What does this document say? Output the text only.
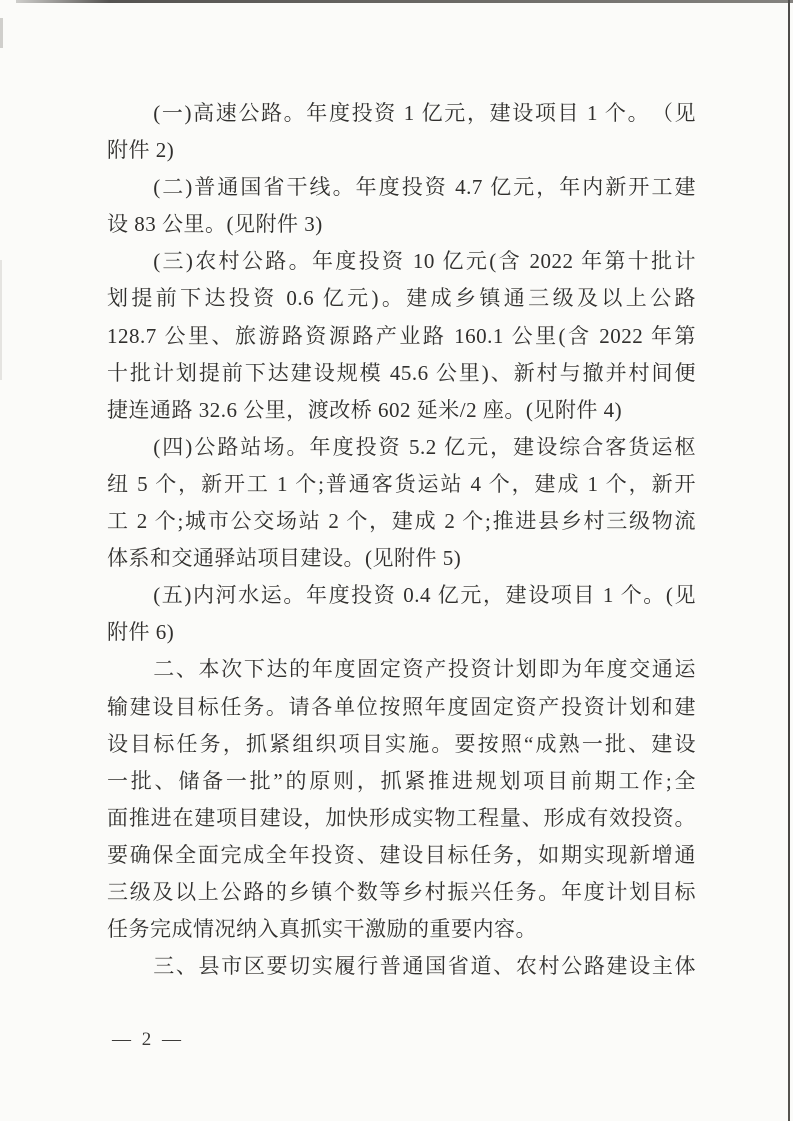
(一)高速公路。年度投资 1 亿元，建设项目 1 个。　（见
附件 2)
(二)普通国省干线。年度投资 4.7 亿元，年内新开工建
设 83 公里。(见附件 3)
(三)农村公路。年度投资 10 亿元(含 2022 年第十批计
划提前下达投资 0.6 亿元)。建成乡镇通三级及以上公路
128.7 公里、旅游路资源路产业路 160.1 公里(含 2022 年第
十批计划提前下达建设规模 45.6 公里)、新村与撤并村间便
捷连通路 32.6 公里，渡改桥 602 延米/2 座。(见附件 4)
(四)公路站场。年度投资 5.2 亿元，建设综合客货运枢
纽 5 个，新开工 1 个;普通客货运站 4 个，建成 1 个，新开
工 2 个;城市公交场站 2 个，建成 2 个;推进县乡村三级物流
体系和交通驿站项目建设。(见附件 5)
(五)内河水运。年度投资 0.4 亿元，建设项目 1 个。(见
附件 6)
二、本次下达的年度固定资产投资计划即为年度交通运
输建设目标任务。请各单位按照年度固定资产投资计划和建
设目标任务，抓紧组织项目实施。要按照“成熟一批、建设
一批、储备一批”的原则，抓紧推进规划项目前期工作;全
面推进在建项目建设，加快形成实物工程量、形成有效投资。
要确保全面完成全年投资、建设目标任务，如期实现新增通
三级及以上公路的乡镇个数等乡村振兴任务。年度计划目标
任务完成情况纳入真抓实干激励的重要内容。
三、县市区要切实履行普通国省道、农村公路建设主体
— 2 —
